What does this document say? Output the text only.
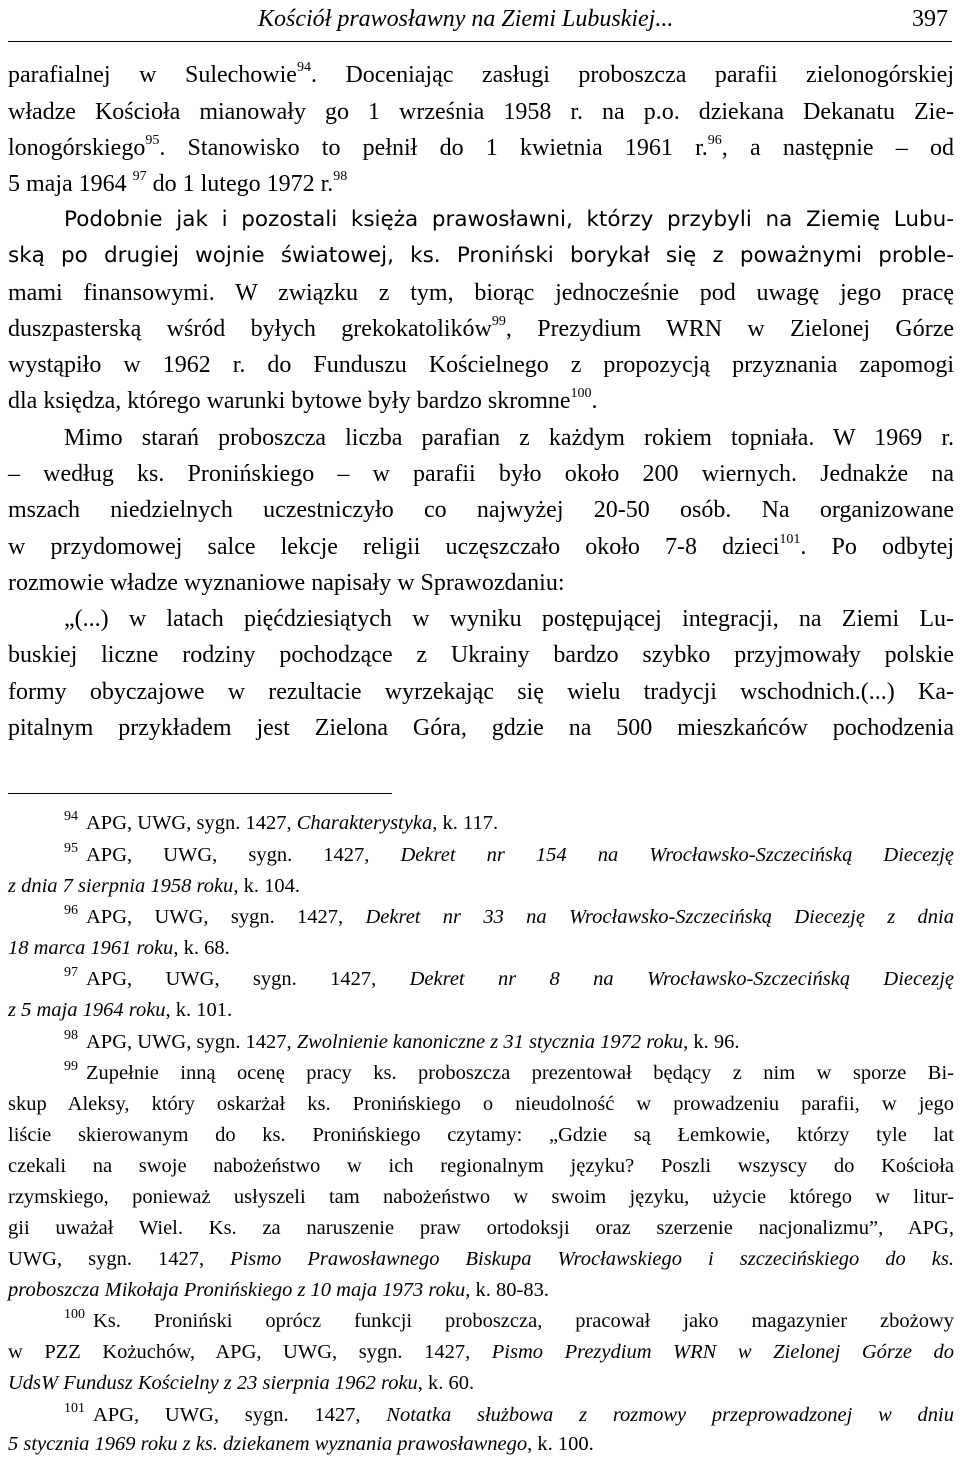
Kościół prawosławny na Ziemi Lubuskiej...	397
parafialnej w Sulechowie$^{94}$. Doceniając zasługi proboszcza parafii zielonogórskiej
władze Kościoła mianowały go 1 września 1958 r. na p.o. dziekana Dekanatu Zie-
lonogórskiego$^{95}$. Stanowisko to pełnił do 1 kwietnia 1961 r.$^{96}$, a następnie – od
5 maja 1964 $^{97}$ do 1 lutego 1972 r.$^{98}$
Podobnie jak i pozostali księża prawosławni, którzy przybyli na Ziemię Lubu-
ską po drugiej wojnie światowej, ks. Proniński borykał się z poważnymi proble-
mami finansowymi. W związku z tym, biorąc jednocześnie pod uwagę jego pracę
duszpasterską wśród byłych grekokatolików$^{99}$, Prezydium WRN w Zielonej Górze
wystąpiło w 1962 r. do Funduszu Kościelnego z propozycją przyznania zapomogi
dla księdza, którego warunki bytowe były bardzo skromne$^{100}$.
Mimo starań proboszcza liczba parafian z każdym rokiem topniała. W 1969 r.
– według ks. Pronińskiego – w parafii było około 200 wiernych. Jednakże na
mszach niedzielnych uczestniczyło co najwyżej 20-50 osób. Na organizowane
w przydomowej salce lekcje religii uczęszczało około 7-8 dzieci$^{101}$. Po odbytej
rozmowie władze wyznaniowe napisały w Sprawozdaniu:
„(...) w latach pięćdziesiątych w wyniku postępującej integracji, na Ziemi Lu-
buskiej liczne rodziny pochodzące z Ukrainy bardzo szybko przyjmowały polskie
formy obyczajowe w rezultacie wyrzekając się wielu tradycji wschodnich.(...) Ka-
pitalnym przykładem jest Zielona Góra, gdzie na 500 mieszkańców pochodzenia
$^{94}$ APG, UWG, sygn. 1427, Charakterystyka, k. 117.
$^{95}$ APG, UWG, sygn. 1427, Dekret nr 154 na Wrocławsko-Szczecińską Diecezję
z dnia 7 sierpnia 1958 roku, k. 104.
$^{96}$ APG, UWG, sygn. 1427, Dekret nr 33 na Wrocławsko-Szczecińską Diecezję z dnia
18 marca 1961 roku, k. 68.
$^{97}$ APG, UWG, sygn. 1427, Dekret nr 8 na Wrocławsko-Szczecińską Diecezję
z 5 maja 1964 roku, k. 101.
$^{98}$ APG, UWG, sygn. 1427, Zwolnienie kanoniczne z 31 stycznia 1972 roku, k. 96.
$^{99}$ Zupełnie inną ocenę pracy ks. proboszcza prezentował będący z nim w sporze Bi-
skup Aleksy, który oskarżał ks. Pronińskiego o nieudolność w prowadzeniu parafii, w jego
liście skierowanym do ks. Pronińskiego czytamy: „Gdzie są Łemkowie, którzy tyle lat
czekali na swoje nabożeństwo w ich regionalnym języku? Poszli wszyscy do Kościoła
rzymskiego, ponieważ usłyszeli tam nabożeństwo w swoim języku, użycie którego w litur-
gii uważał Wiel. Ks. za naruszenie praw ortodoksji oraz szerzenie nacjonalizmu”, APG,
UWG, sygn. 1427, Pismo Prawosławnego Biskupa Wrocławskiego i szczecińskiego do ks.
proboszcza Mikołaja Pronińskiego z 10 maja 1973 roku, k. 80-83.
$^{100}$ Ks. Proniński oprócz funkcji proboszcza, pracował jako magazynier zbożowy
w PZZ Kożuchów, APG, UWG, sygn. 1427, Pismo Prezydium WRN w Zielonej Górze do
UdsW Fundusz Kościelny z 23 sierpnia 1962 roku, k. 60.
$^{101}$ APG, UWG, sygn. 1427, Notatka służbowa z rozmowy przeprowadzonej w dniu
5 stycznia 1969 roku z ks. dziekanem wyznania prawosławnego, k. 100.
